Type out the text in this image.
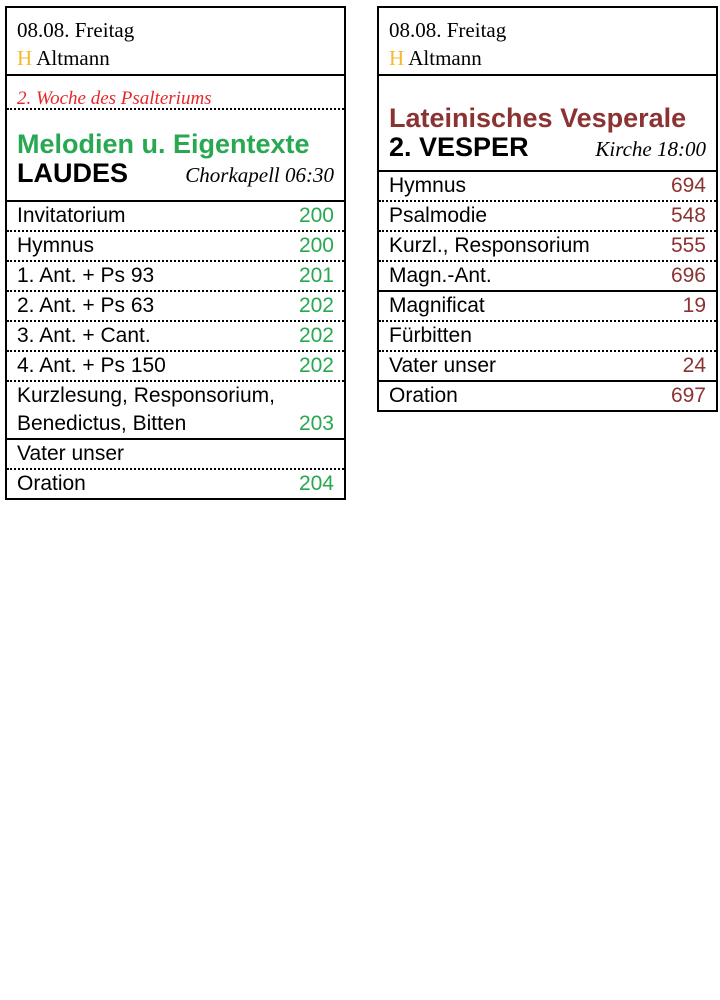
08.08. Freitag
H Altmann
2. Woche des Psalteriums
Melodien u. Eigentexte
LAUDES	Chorkapell 06:30
Invitatorium	200
Hymnus	200
1. Ant. + Ps 93	201
2. Ant. + Ps 63	202
3. Ant. + Cant.	202
4. Ant. + Ps 150	202
Kurzlesung, Responsorium,
Benedictus, Bitten	203
Vater unser
Oration	204
08.08. Freitag
H Altmann
Lateinisches Vesperale
2. VESPER	Kirche 18:00
Hymnus	694
Psalmodie	548
Kurzl., Responsorium	555
Magn.-Ant.	696
Magnificat	19
Fürbitten
Vater unser	24
Oration	697
